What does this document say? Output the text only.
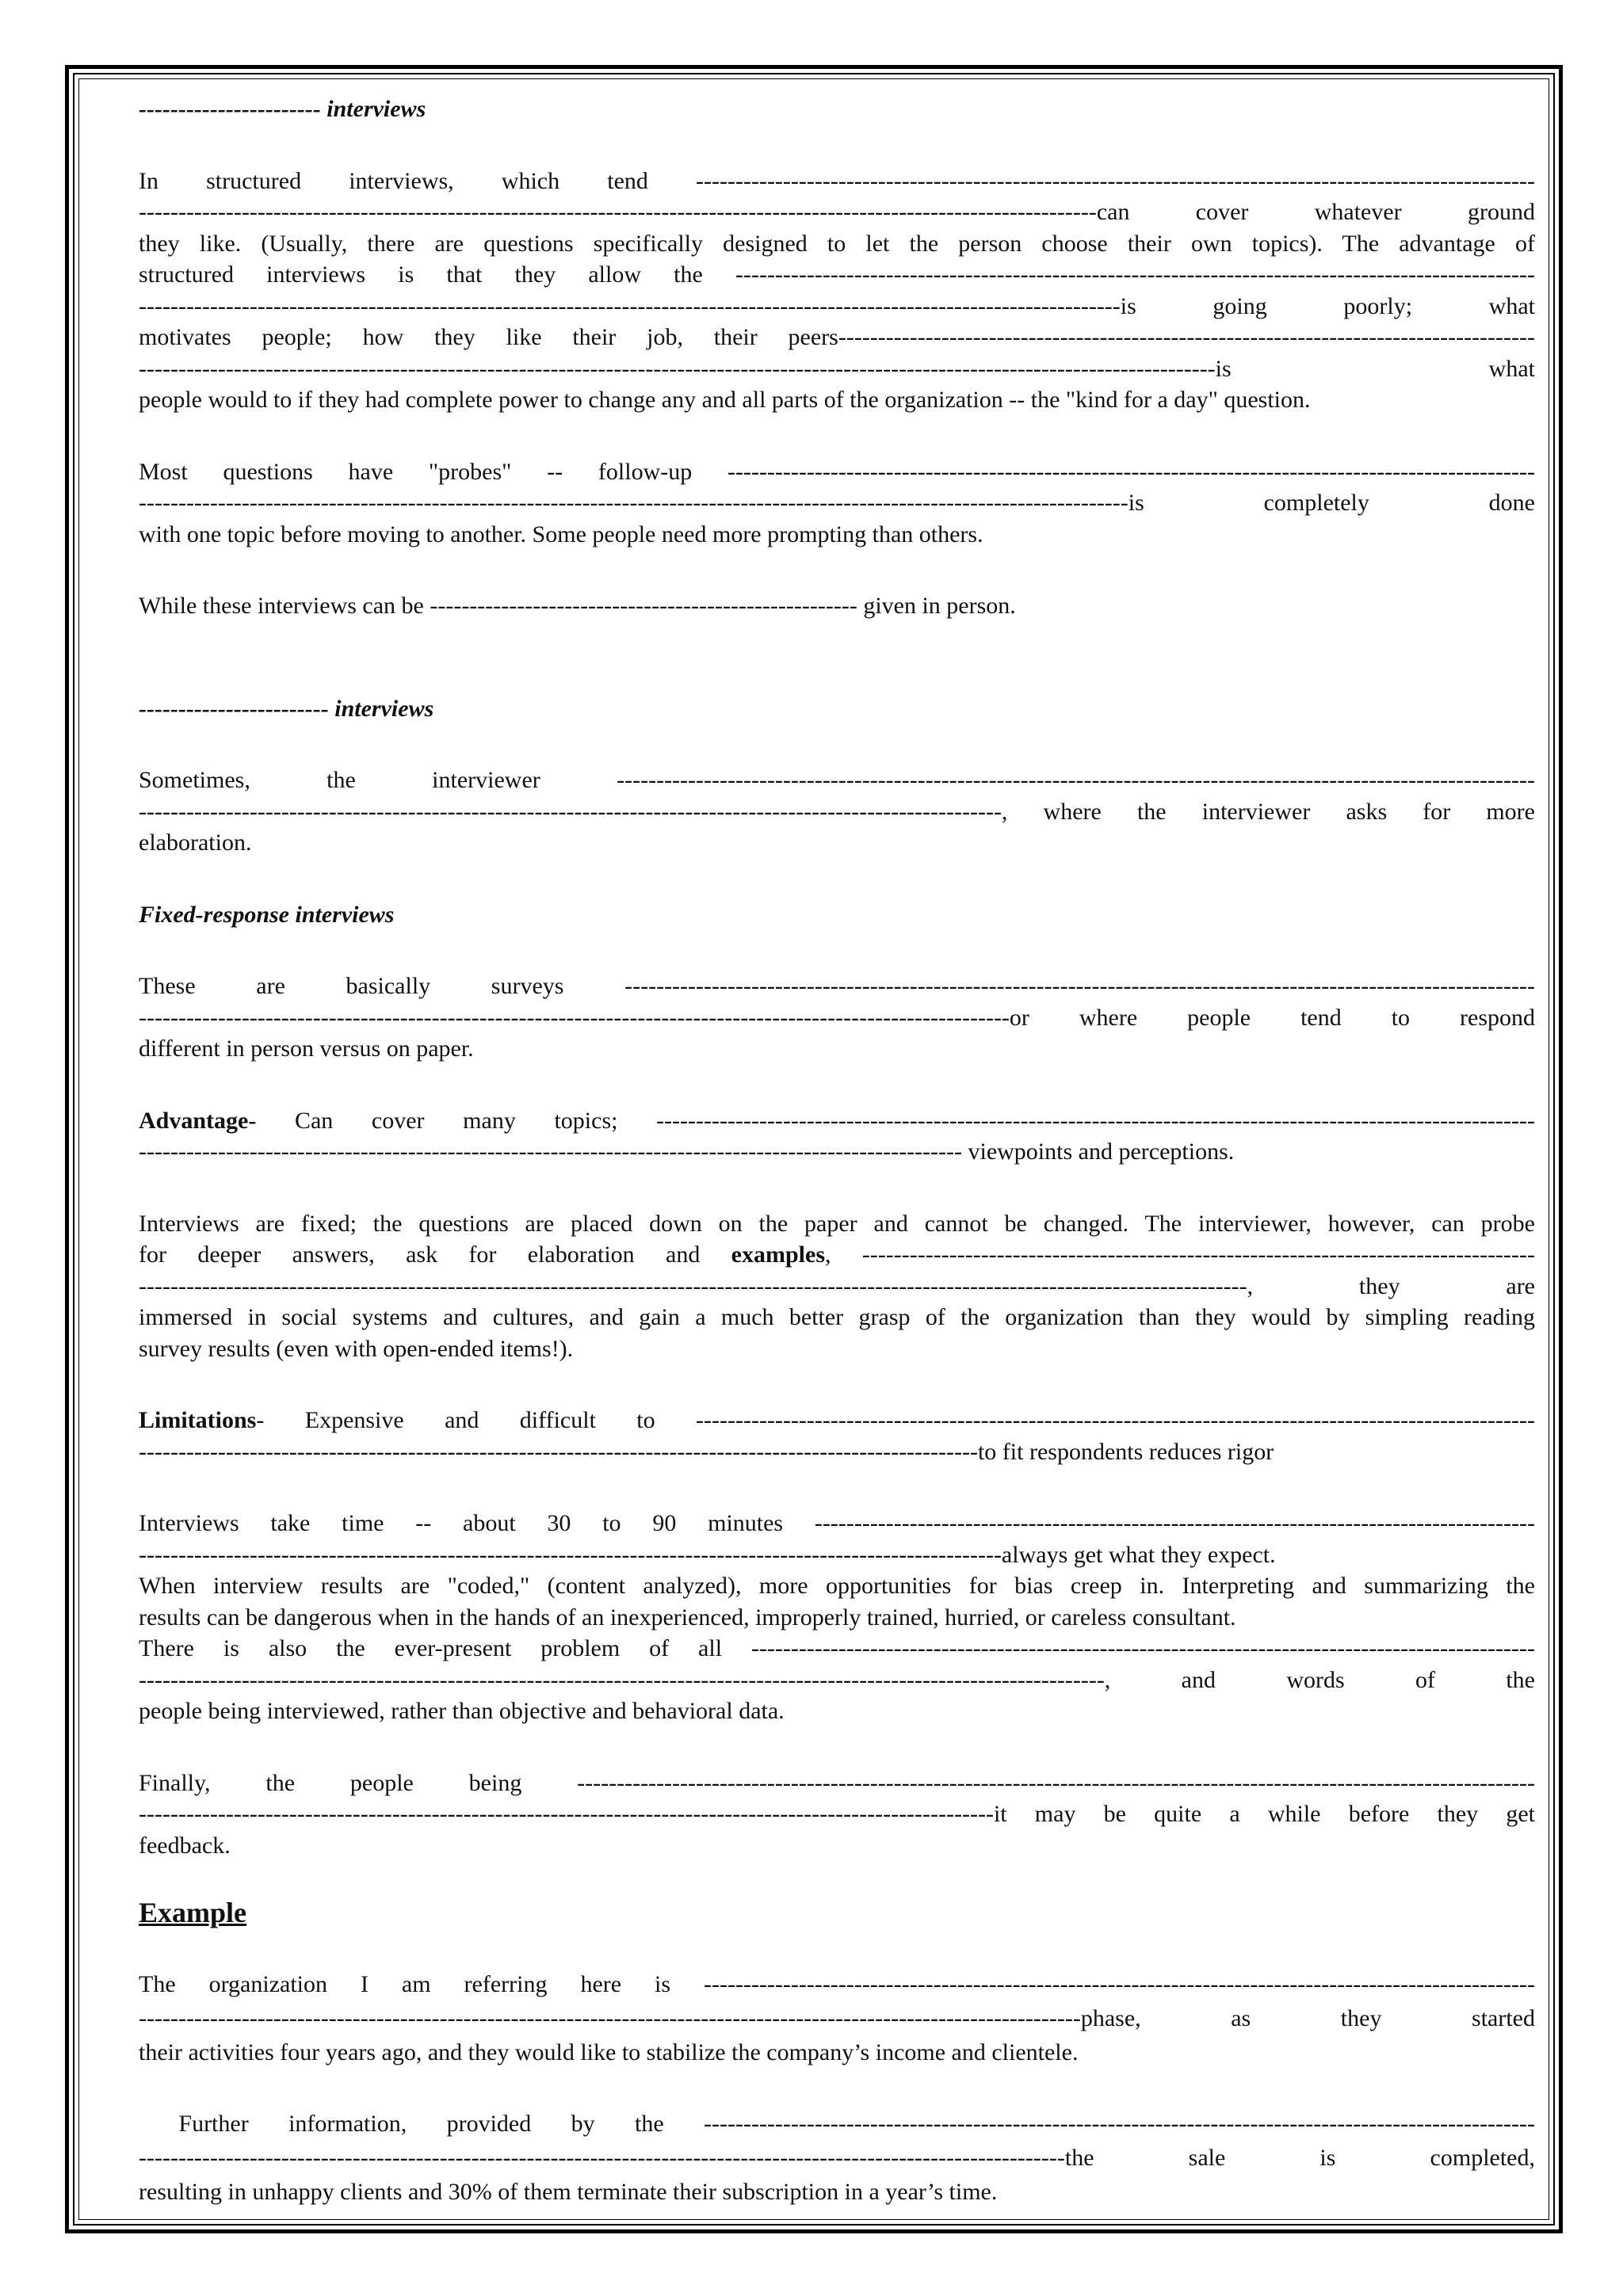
----------------------- interviews
In structured interviews, which tend ----------------------------------------------------------------------------------------------------------
-------------------------------------------------------------------------------------------------------------------------can cover whatever ground
they like. (Usually, there are questions specifically designed to let the person choose their own topics). The advantage of
structured interviews is that they allow the -----------------------------------------------------------------------------------------------------
----------------------------------------------------------------------------------------------------------------------------is going poorly; what
motivates people; how they like their job, their peers----------------------------------------------------------------------------------------
----------------------------------------------------------------------------------------------------------------------------------------is what
people would to if they had complete power to change any and all parts of the organization -- the "kind for a day" question.
Most questions have "probes" -- follow-up ------------------------------------------------------------------------------------------------------
-----------------------------------------------------------------------------------------------------------------------------is completely done
with one topic before moving to another. Some people need more prompting than others.
While these interviews can be ------------------------------------------------------ given in person.
------------------------ interviews
Sometimes, the interviewer --------------------------------------------------------------------------------------------------------------------
-------------------------------------------------------------------------------------------------------------, where the interviewer asks for more
elaboration.
Fixed-response interviews
These are basically surveys -------------------------------------------------------------------------------------------------------------------
--------------------------------------------------------------------------------------------------------------or where people tend to respond
different in person versus on paper.
Advantage- Can cover many topics; ---------------------------------------------------------------------------------------------------------------
-------------------------------------------------------------------------------------------------------- viewpoints and perceptions.
Interviews are fixed; the questions are placed down on the paper and cannot be changed. The interviewer, however, can probe
for deeper answers, ask for elaboration and examples, -------------------------------------------------------------------------------------
--------------------------------------------------------------------------------------------------------------------------------------------, they are
immersed in social systems and cultures, and gain a much better grasp of the organization than they would by simpling reading
survey results (even with open-ended items!).
Limitations- Expensive and difficult to ----------------------------------------------------------------------------------------------------------
----------------------------------------------------------------------------------------------------------to fit respondents reduces rigor
Interviews take time -- about 30 to 90 minutes -------------------------------------------------------------------------------------------
-------------------------------------------------------------------------------------------------------------always get what they expect.
When interview results are "coded," (content analyzed), more opportunities for bias creep in. Interpreting and summarizing the
results can be dangerous when in the hands of an inexperienced, improperly trained, hurried, or careless consultant.
There is also the ever-present problem of all ---------------------------------------------------------------------------------------------------
--------------------------------------------------------------------------------------------------------------------------, and words of the
people being interviewed, rather than objective and behavioral data.
Finally, the people being -------------------------------------------------------------------------------------------------------------------------
------------------------------------------------------------------------------------------------------------it may be quite a while before they get
feedback.
Example
The organization I am referring here is ---------------------------------------------------------------------------------------------------------
-----------------------------------------------------------------------------------------------------------------------phase, as they started
their activities four years ago, and they would like to stabilize the company’s income and clientele.
Further information, provided by the ---------------------------------------------------------------------------------------------------------
---------------------------------------------------------------------------------------------------------------------the sale is completed,
resulting in unhappy clients and 30% of them terminate their subscription in a year’s time.
